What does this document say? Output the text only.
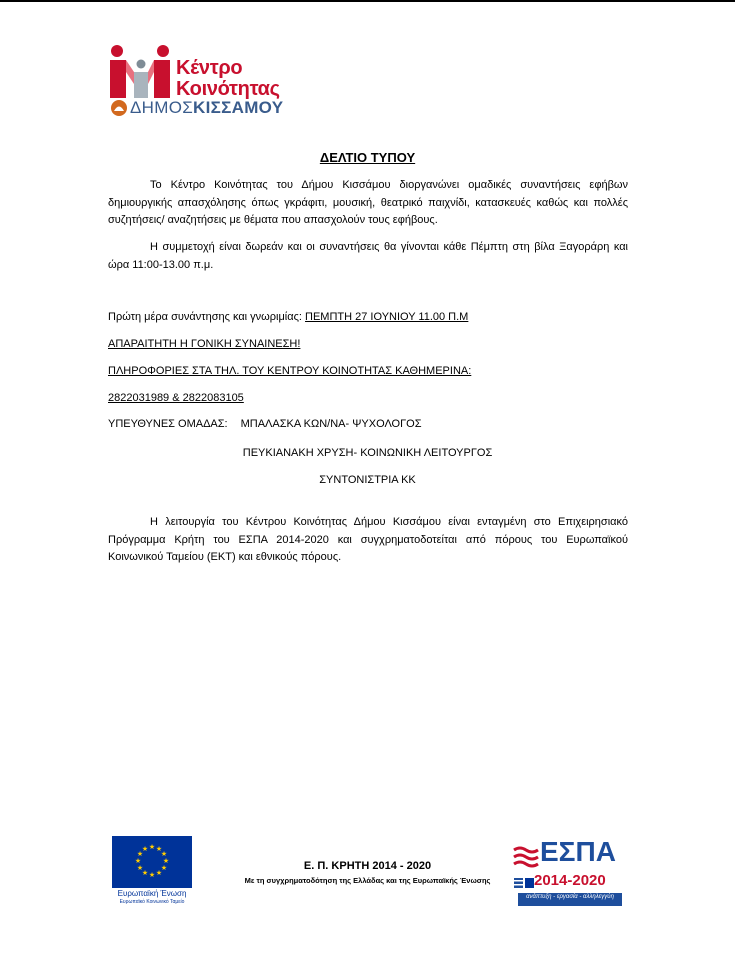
Κέντρο
Κοινότητας
ΔΗΜΟΣΚΙΣΣΑΜΟΥ
ΔΕΛΤΙΟ ΤΥΠΟΥ

Το Κέντρο Κοινότητας του Δήμου Κισσάμου διοργανώνει ομαδικές συναντήσεις εφήβων δημιουργικής απασχόλησης όπως γκράφιτι, μουσική, θεατρικό παιχνίδι, κατασκευές καθώς και πολλές συζητήσεις/ αναζητήσεις με θέματα που απασχολούν τους εφήβους.

Η συμμετοχή είναι δωρεάν και οι συναντήσεις θα γίνονται κάθε Πέμπτη στη βίλα Ξαγοράρη και ώρα 11:00-13.00 π.μ.

Πρώτη μέρα συνάντησης και γνωριμίας: ΠΕΜΠΤΗ 27 ΙΟΥΝΙΟΥ 11.00 Π.Μ
ΑΠΑΡΑΙΤΗΤΗ Η ΓΟΝΙΚΗ ΣΥΝΑΙΝΕΣΗ!
ΠΛΗΡΟΦΟΡΙΕΣ ΣΤΑ ΤΗΛ. ΤΟΥ ΚΕΝΤΡΟΥ ΚΟΙΝΟΤΗΤΑΣ ΚΑΘΗΜΕΡΙΝΑ:
2822031989 & 2822083105
ΥΠΕΥΘΥΝΕΣ ΟΜΑΔΑΣ: ΜΠΑΛΑΣΚΑ ΚΩΝ/ΝΑ- ΨΥΧΟΛΟΓΟΣ
ΠΕΥΚΙΑΝΑΚΗ ΧΡΥΣΗ- ΚΟΙΝΩΝΙΚΗ ΛΕΙΤΟΥΡΓΟΣ
ΣΥΝΤΟΝΙΣΤΡΙΑ ΚΚ

Η λειτουργία του Κέντρου Κοινότητας Δήμου Κισσάμου είναι ενταγμένη στο Επιχειρησιακό Πρόγραμμα Κρήτη του ΕΣΠΑ 2014-2020 και συγχρηματοδοτείται από πόρους του Ευρωπαϊκού Κοινωνικού Ταμείου (ΕΚΤ) και εθνικούς πόρους.

★ ★
★
★
★
★
★
★
★
★
★
★
Ευρωπαϊκή Ένωση
Ευρωπαϊκό Κοινωνικό Ταμείο
Ε. Π. ΚΡΗΤΗ 2014 - 2020
Με τη συγχρηματοδότηση της Ελλάδας και της Ευρωπαϊκής Ένωσης
ΕΣΠΑ
2014-2020
ανάπτυξη - εργασία - αλληλεγγύη
